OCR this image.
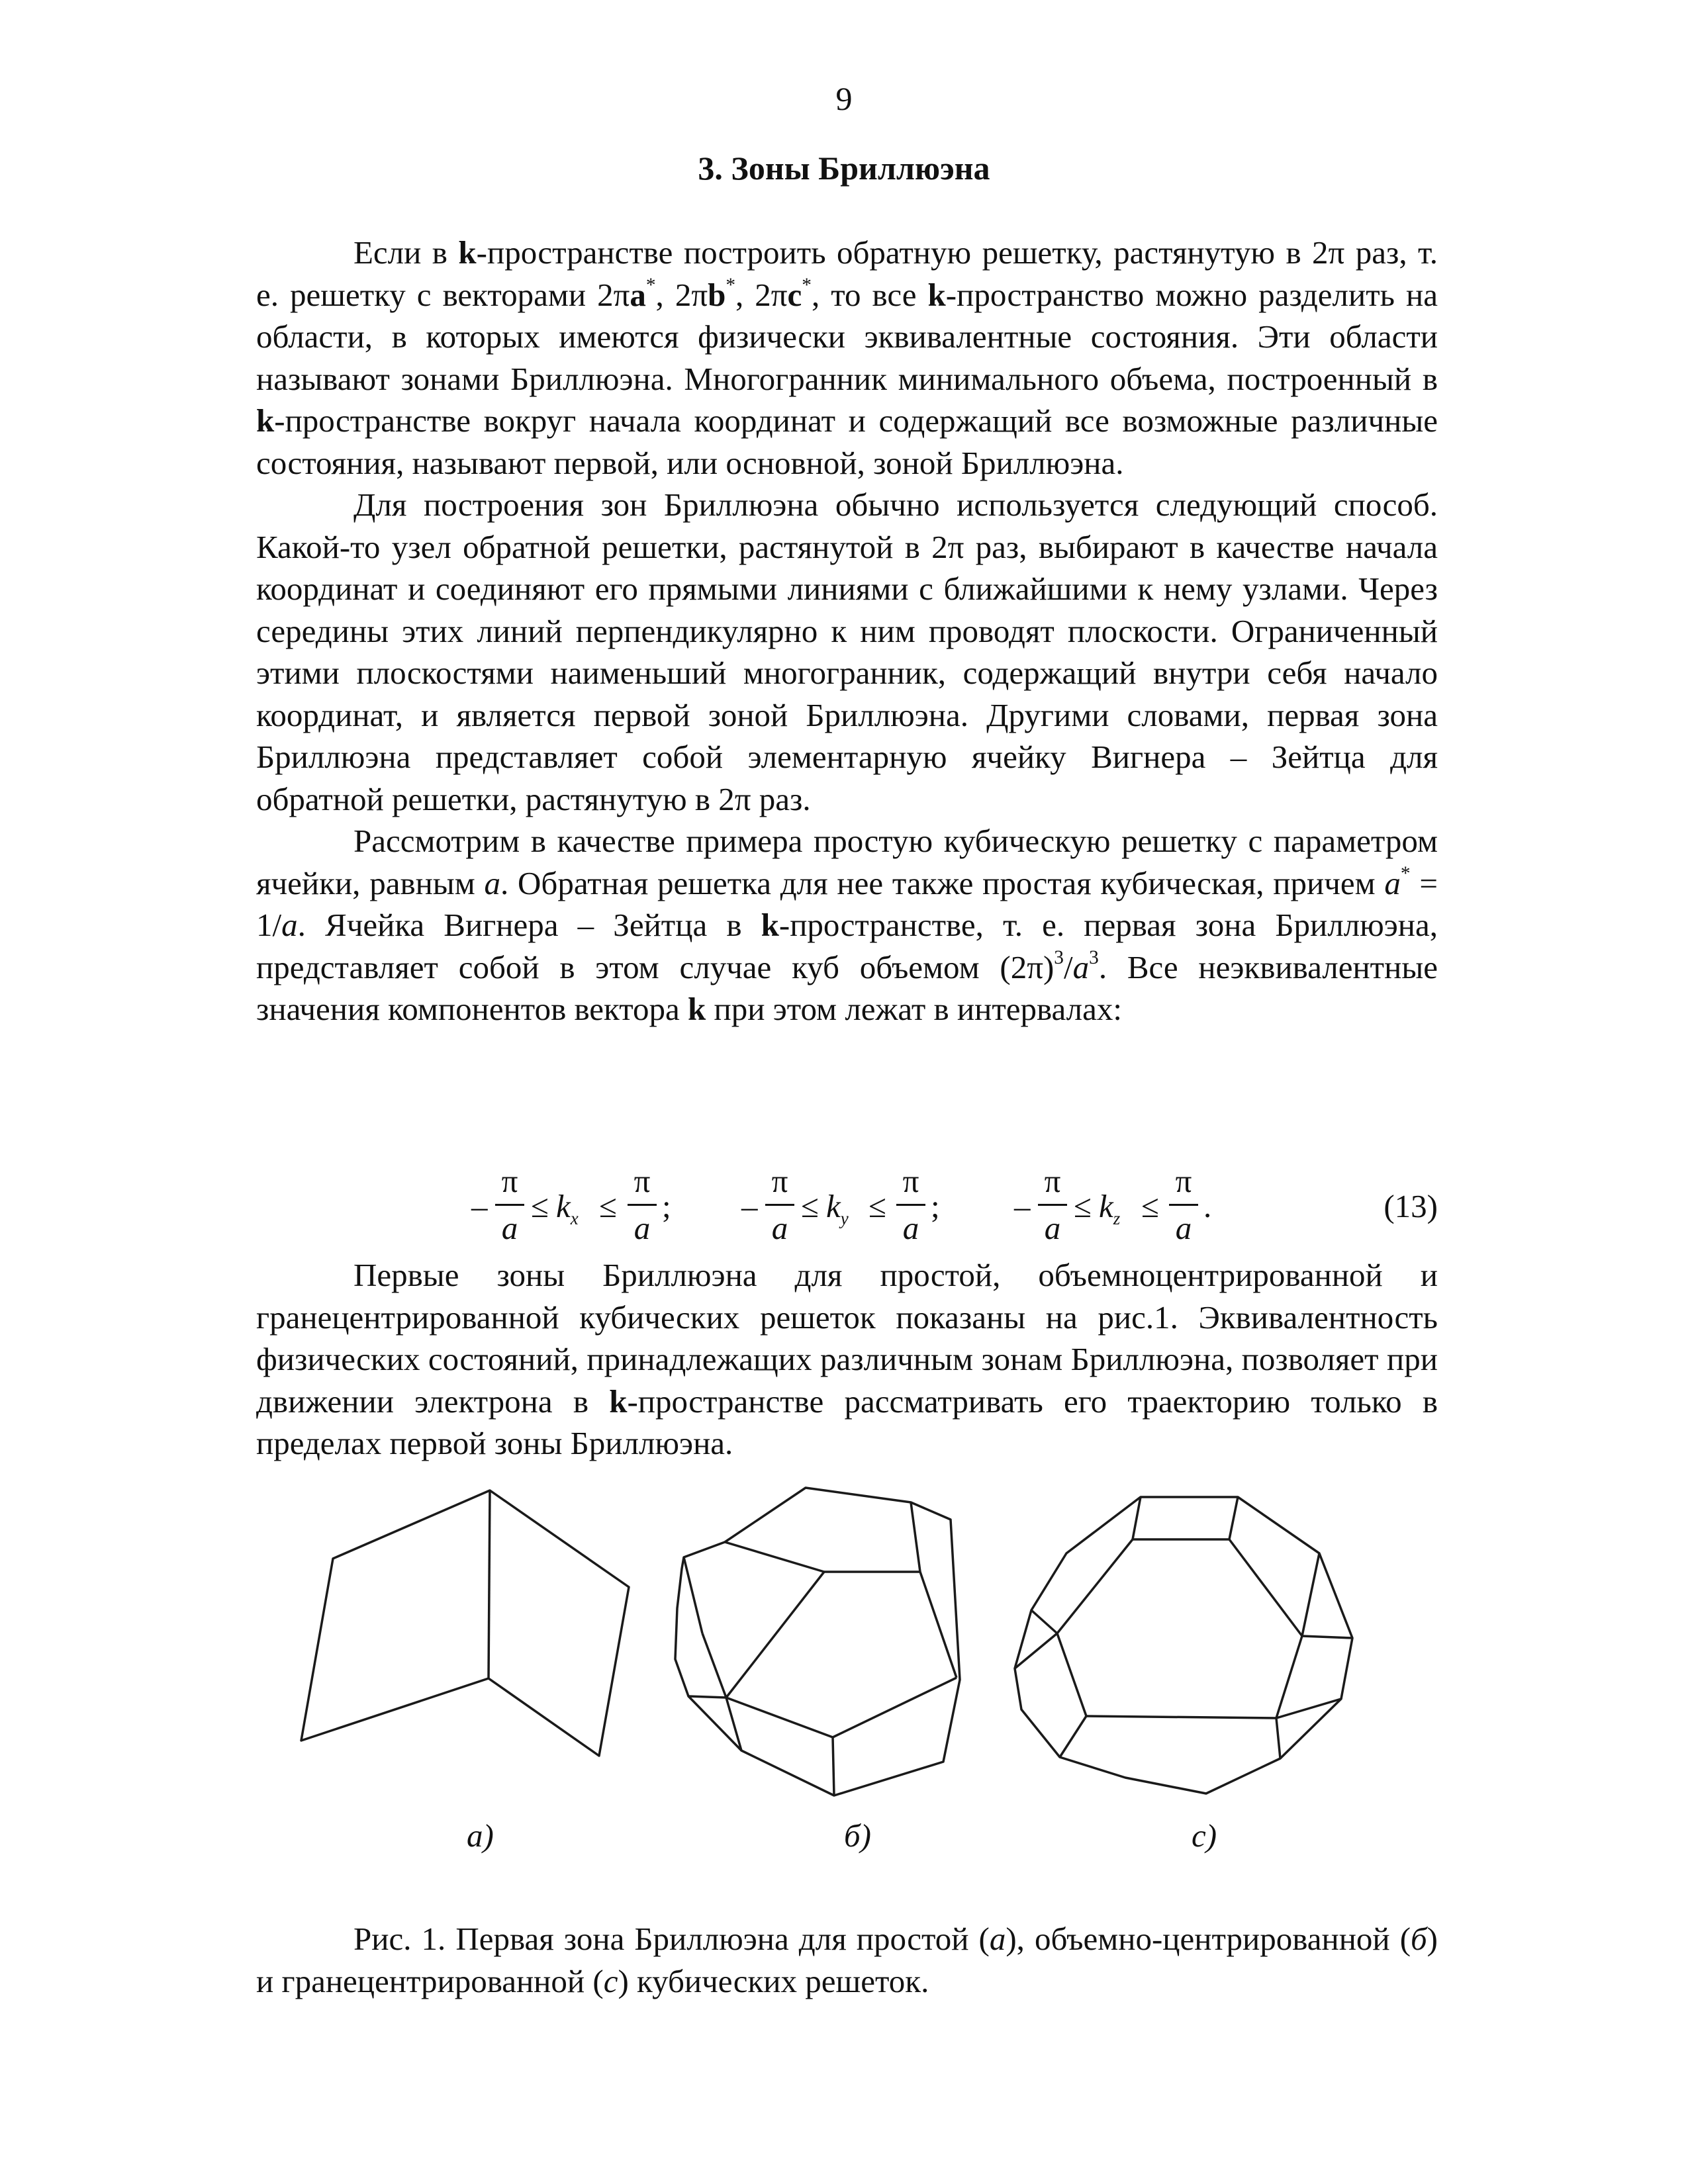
9
3. Зоны Бриллюэна
Если в k-пространстве построить обратную решетку, растянутую в 2π раз, т. е. решетку с векторами 2πa*, 2πb*, 2πc*, то все k-пространство можно разделить на области, в которых имеются физически эквивалентные состояния. Эти области называют зонами Бриллюэна. Многогранник минимального объема, построенный в k-пространстве вокруг начала координат и содержащий все возможные различные состояния, называют первой, или основной, зоной Бриллюэна.
Для построения зон Бриллюэна обычно используется следующий способ. Какой-то узел обратной решетки, растянутой в 2π раз, выбирают в качестве начала координат и соединяют его прямыми линиями с ближайшими к нему узлами. Через середины этих линий перпендикулярно к ним проводят плоскости. Ограниченный этими плоскостями наименьший многогранник, содержащий внутри себя начало координат, и является первой зоной Бриллюэна. Другими словами, первая зона Бриллюэна представляет собой элементарную ячейку Вигнера – Зейтца для обратной решетки, растянутую в 2π раз.
Рассмотрим в качестве примера простую кубическую решетку с параметром ячейки, равным a. Обратная решетка для нее также простая кубическая, причем a* = 1/a. Ячейка Вигнера – Зейтца в k-пространстве, т. е. первая зона Бриллюэна, представляет собой в этом случае куб объемом $(2\pi)^3/a^3$. Все неэквивалентные значения компонентов вектора k при этом лежат в интервалах:
–
π
a
≤ $k_x$ ≤
π
a
; –
π
a
≤ $k_y$ ≤
π
a
; –
π
a
≤ $k_z$ ≤
π
a
.	(13)
Первые зоны Бриллюэна для простой, объемноцентрированной и гранецентрированной кубических решеток показаны на рис.1. Эквивалентность физических состояний, принадлежащих различным зонам Бриллюэна, позволяет при движении электрона в k-пространстве рассматривать его траекторию только в пределах первой зоны Бриллюэна.
а)	б)	с)
Рис. 1. Первая зона Бриллюэна для простой (а), объемно-центрированной (б) и гранецентрированной (с) кубических решеток.
